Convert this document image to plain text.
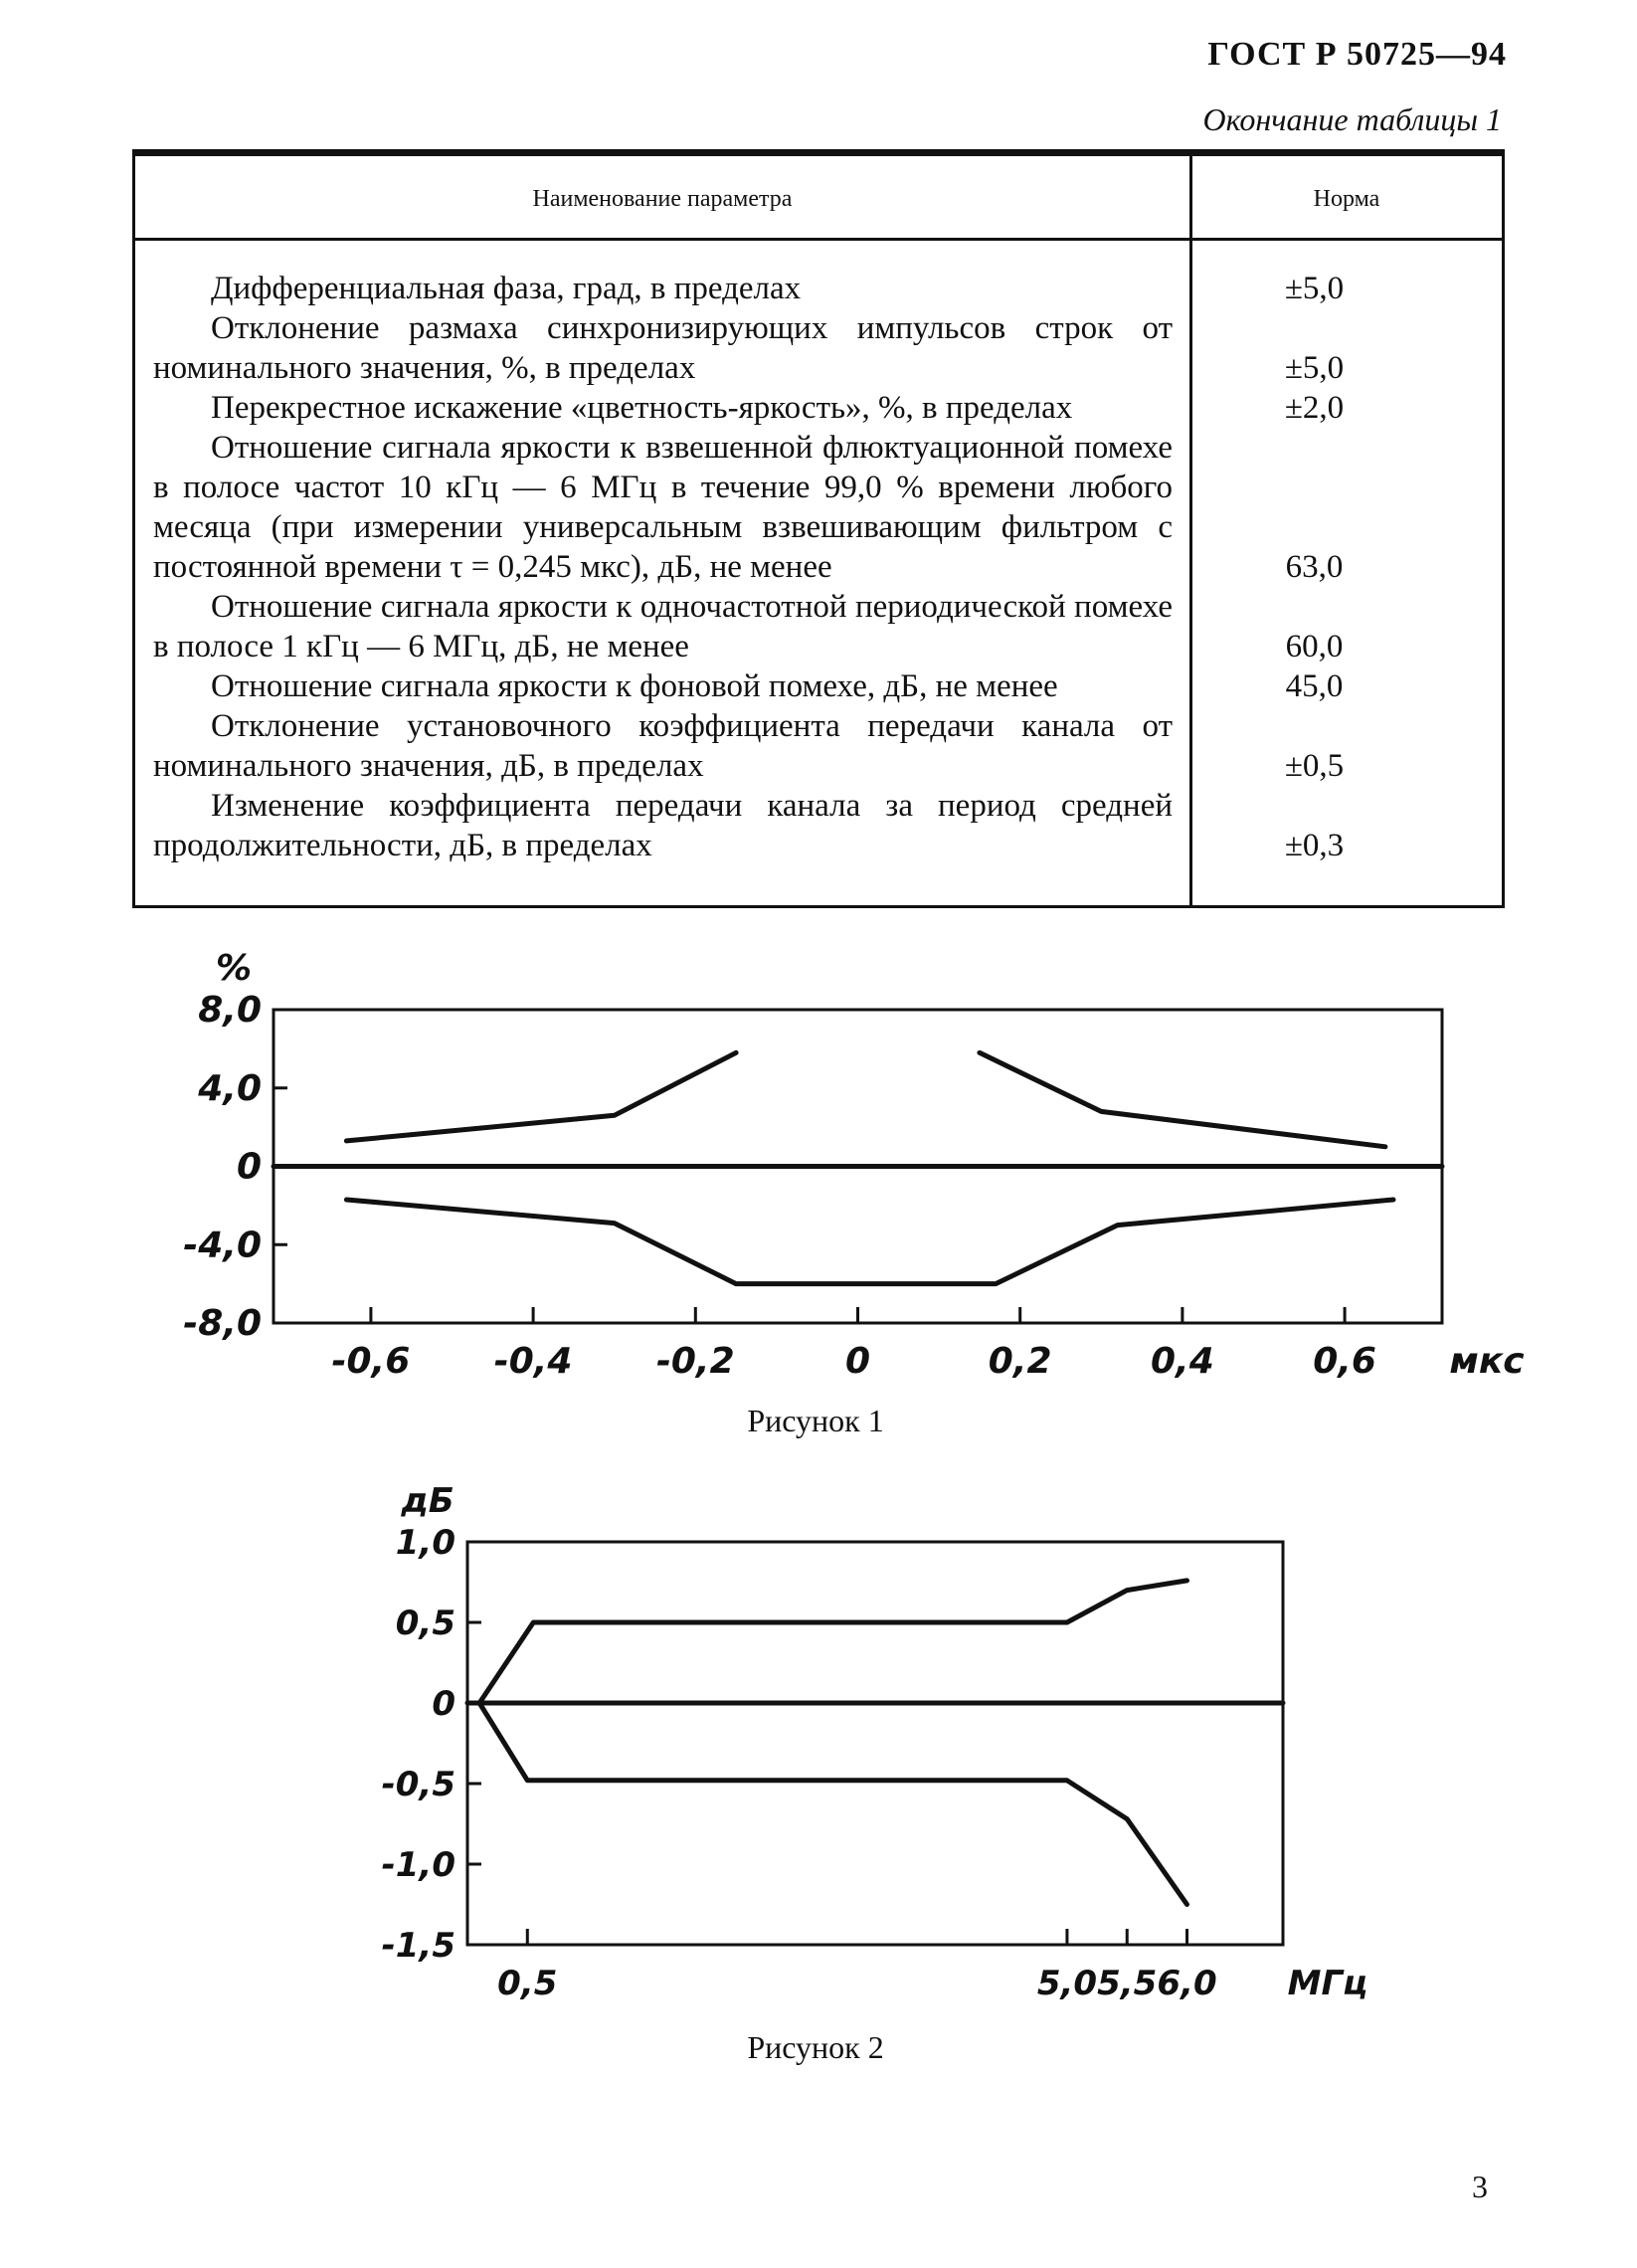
ГОСТ Р 50725—94
Окончание таблицы 1
Наименование параметра	Норма
Дифференциальная фаза, град, в пределах	±5,0
Отклонение размаха синхронизирующих импульсов строк от номинального значения, %, в пределах	±5,0
Перекрестное искажение «цветность-яркость», %, в пределах	±2,0
Отношение сигнала яркости к взвешенной флюктуационной помехе в полосе частот 10 кГц — 6 МГц в течение 99,0 % времени любого месяца (при измерении универсальным взвешивающим фильтром с постоянной времени τ = 0,245 мкс), дБ, не менее	63,0
Отношение сигнала яркости к одночастотной периодической помехе в полосе 1 кГц — 6 МГц, дБ, не менее	60,0
Отношение сигнала яркости к фоновой помехе, дБ, не менее	45,0
Отклонение установочного коэффициента передачи канала от номинального значения, дБ, в пределах	±0,5
Изменение коэффициента передачи канала за период средней продолжительности, дБ, в пределах	±0,3
8,0
4,0
0
-4,0
-8,0
-0,6 -0,4 -0,2	0	0,2	0,4	0,6
%
мкс
Рисунок 1
1,0
0,5
0
-0,5
-1,0
-1,5
0,5	5,0 5,5 6,0
дБ
МГц
Рисунок 2
3
